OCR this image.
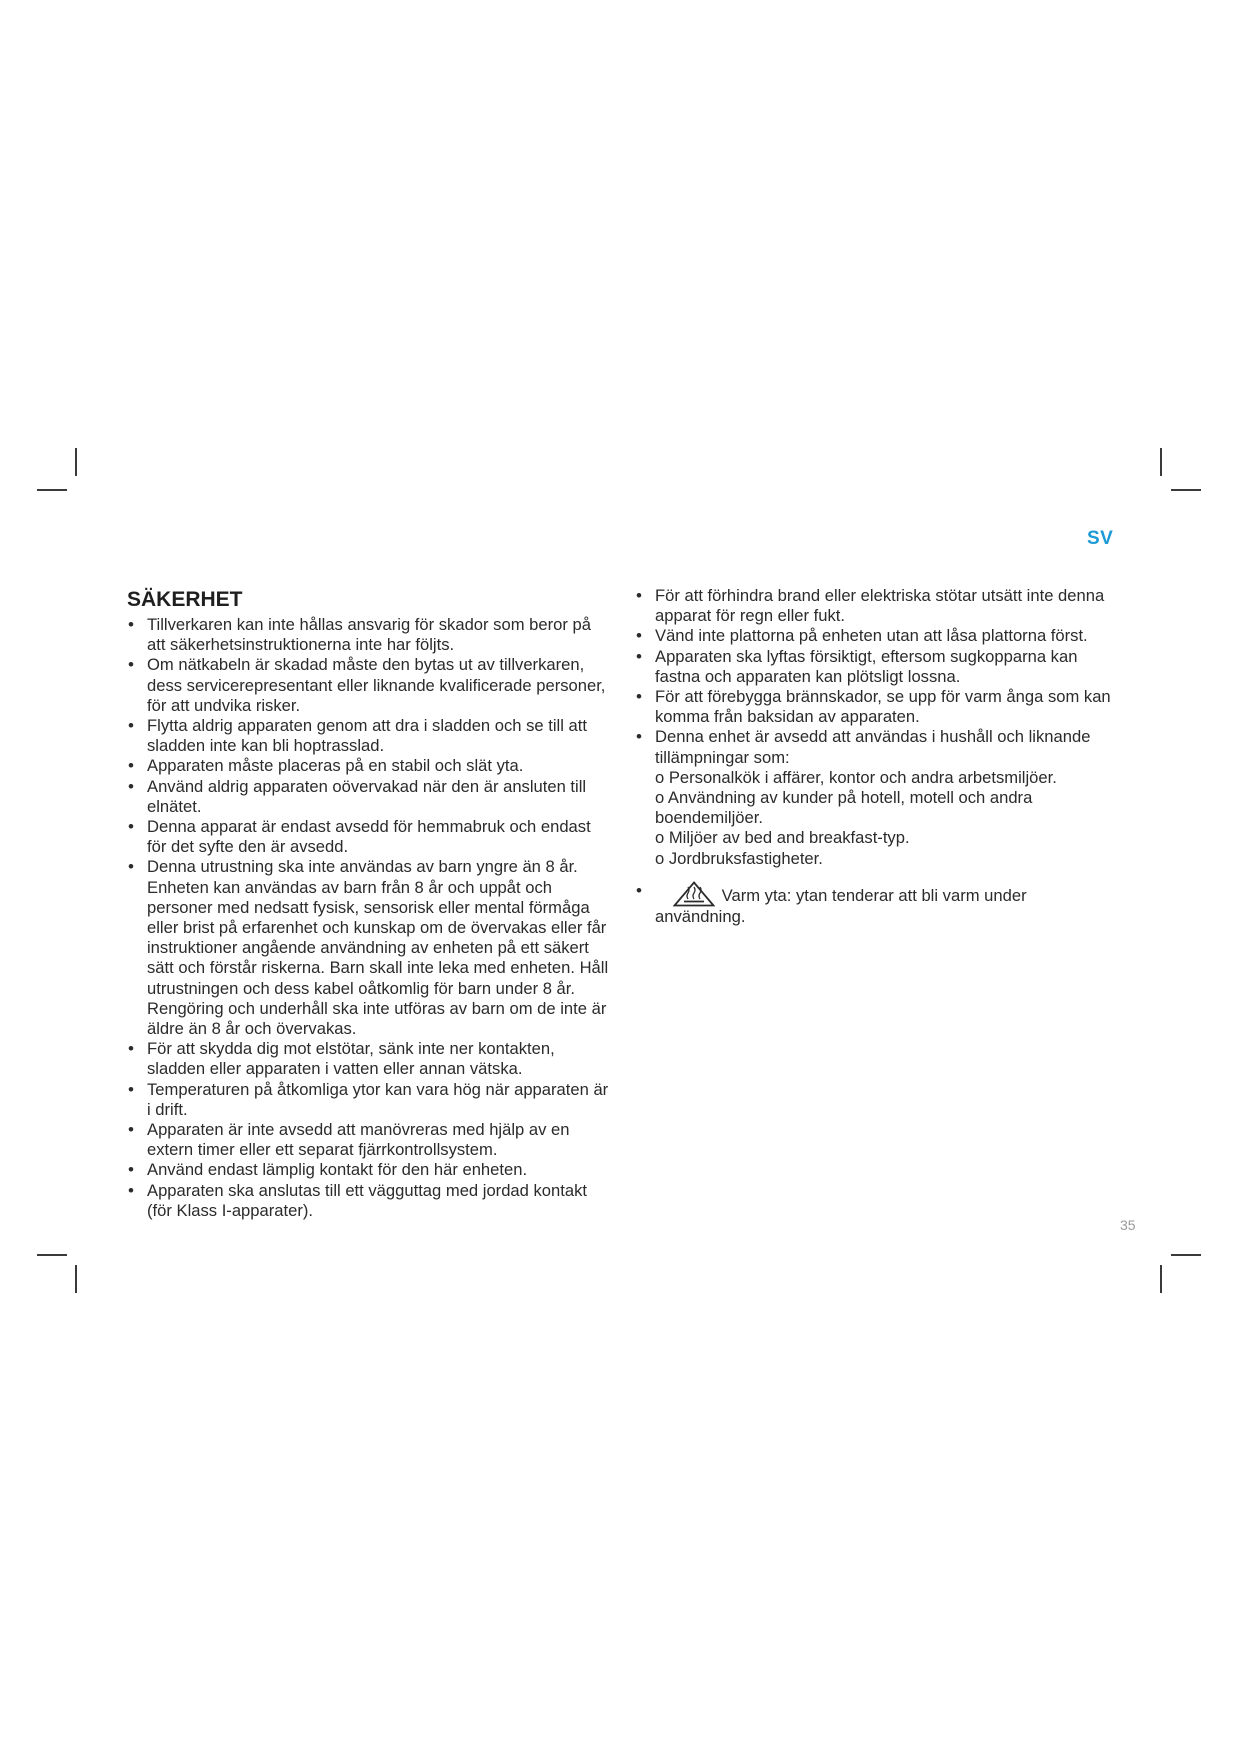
SV
SÄKERHET
• Tillverkaren kan inte hållas ansvarig för skador som beror på att säkerhetsinstruktionerna inte har följts.
• Om nätkabeln är skadad måste den bytas ut av tillverkaren, dess servicerepresentant eller liknande kvalificerade personer, för att undvika risker.
• Flytta aldrig apparaten genom att dra i sladden och se till att sladden inte kan bli hoptrasslad.
• Apparaten måste placeras på en stabil och slät yta.
• Använd aldrig apparaten oövervakad när den är ansluten till elnätet.
• Denna apparat är endast avsedd för hemmabruk och endast för det syfte den är avsedd.
• Denna utrustning ska inte användas av barn yngre än 8 år. Enheten kan användas av barn från 8 år och uppåt och personer med nedsatt fysisk, sensorisk eller mental förmåga eller brist på erfarenhet och kunskap om de övervakas eller får instruktioner angående användning av enheten på ett säkert sätt och förstår riskerna. Barn skall inte leka med enheten. Håll utrustningen och dess kabel oåtkomlig för barn under 8 år. Rengöring och underhåll ska inte utföras av barn om de inte är äldre än 8 år och övervakas.
• För att skydda dig mot elstötar, sänk inte ner kontakten, sladden eller apparaten i vatten eller annan vätska.
• Temperaturen på åtkomliga ytor kan vara hög när apparaten är i drift.
• Apparaten är inte avsedd att manövreras med hjälp av en extern timer eller ett separat fjärrkontrollsystem.
• Använd endast lämplig kontakt för den här enheten.
• Apparaten ska anslutas till ett vägguttag med jordad kontakt (för Klass I-apparater).
• För att förhindra brand eller elektriska stötar utsätt inte denna apparat för regn eller fukt.
• Vänd inte plattorna på enheten utan att låsa plattorna först.
• Apparaten ska lyftas försiktigt, eftersom sugkopparna kan fastna och apparaten kan plötsligt lossna.
• För att förebygga brännskador, se upp för varm ånga som kan komma från baksidan av apparaten.
• Denna enhet är avsedd att användas i hushåll och liknande tillämpningar som:
o Personalkök i affärer, kontor och andra arbetsmiljöer.
o Användning av kunder på hotell, motell och andra boendemiljöer.
o Miljöer av bed and breakfast-typ.
o Jordbruksfastigheter.
• Varm yta: ytan tenderar att bli varm under användning.
35
